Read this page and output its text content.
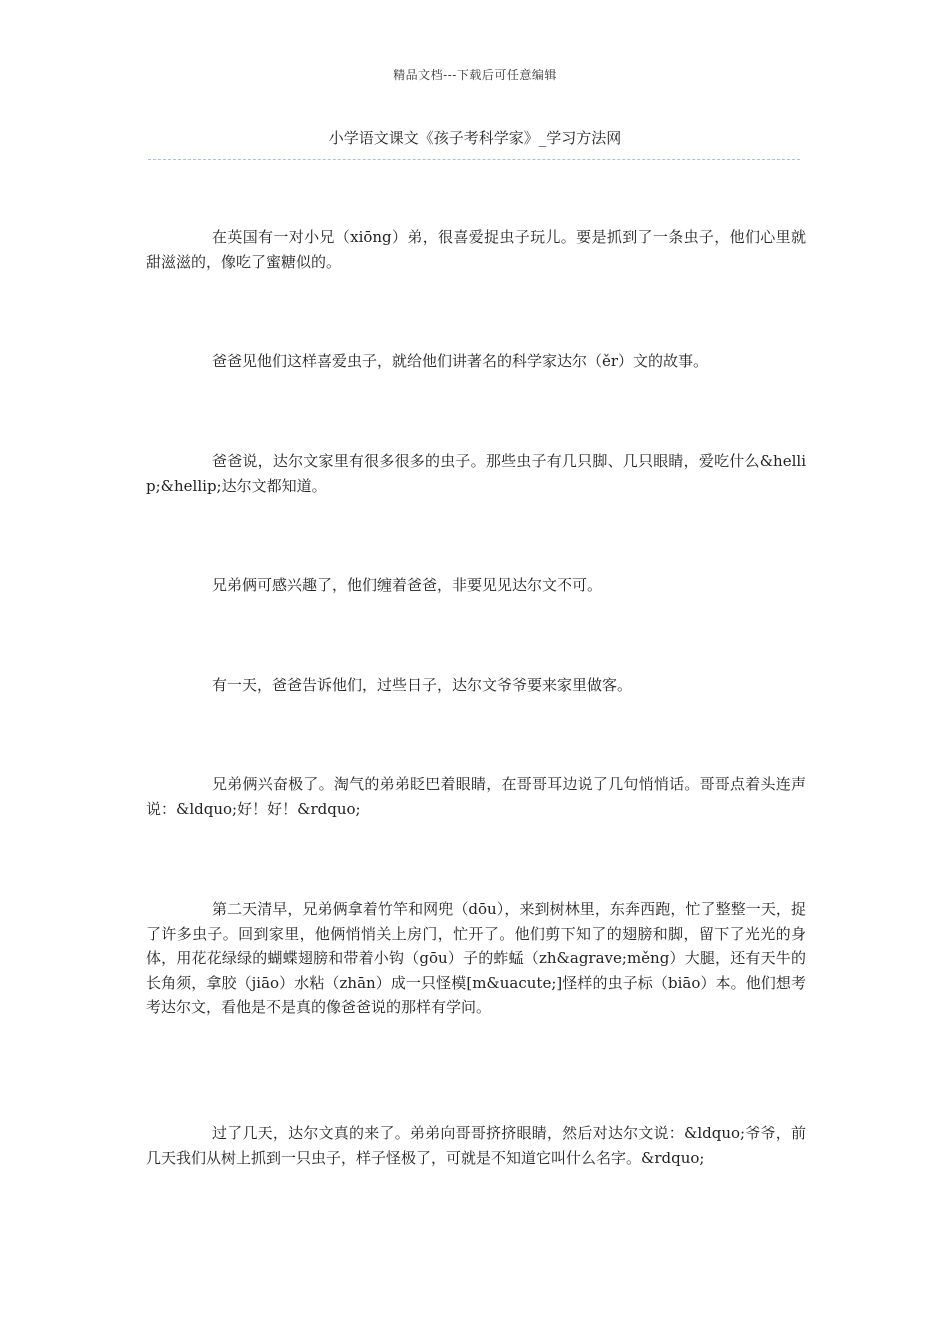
精品文档---下载后可任意编辑
小学语文课文《孩子考科学家》_学习方法网

在英国有一对小兄（xiōng）弟，很喜爱捉虫子玩儿。要是抓到了一条虫子，他们心里就甜滋滋的，像吃了蜜糖似的。

爸爸见他们这样喜爱虫子，就给他们讲著名的科学家达尔（ěr）文的故事。

爸爸说，达尔文家里有很多很多的虫子。那些虫子有几只脚、几只眼睛，爱吃什么&hellip;&hellip;达尔文都知道。

兄弟俩可感兴趣了，他们缠着爸爸，非要见见达尔文不可。

有一天，爸爸告诉他们，过些日子，达尔文爷爷要来家里做客。

兄弟俩兴奋极了。淘气的弟弟眨巴着眼睛，在哥哥耳边说了几句悄悄话。哥哥点着头连声说：&ldquo;好！好！&rdquo;

第二天清早，兄弟俩拿着竹竿和网兜（dōu），来到树林里，东奔西跑，忙了整整一天，捉了许多虫子。回到家里，他俩悄悄关上房门，忙开了。他们剪下知了的翅膀和脚，留下了光光的身体，用花花绿绿的蝴蝶翅膀和带着小钩（gōu）子的蚱蜢（zh&agrave;měng）大腿，还有天牛的长角须，拿胶（jiāo）水粘（zhān）成一只怪模[m&uacute;]怪样的虫子标（biāo）本。他们想考考达尔文，看他是不是真的像爸爸说的那样有学问。

过了几天，达尔文真的来了。弟弟向哥哥挤挤眼睛，然后对达尔文说：&ldquo;爷爷，前几天我们从树上抓到一只虫子，样子怪极了，可就是不知道它叫什么名字。&rdquo;
